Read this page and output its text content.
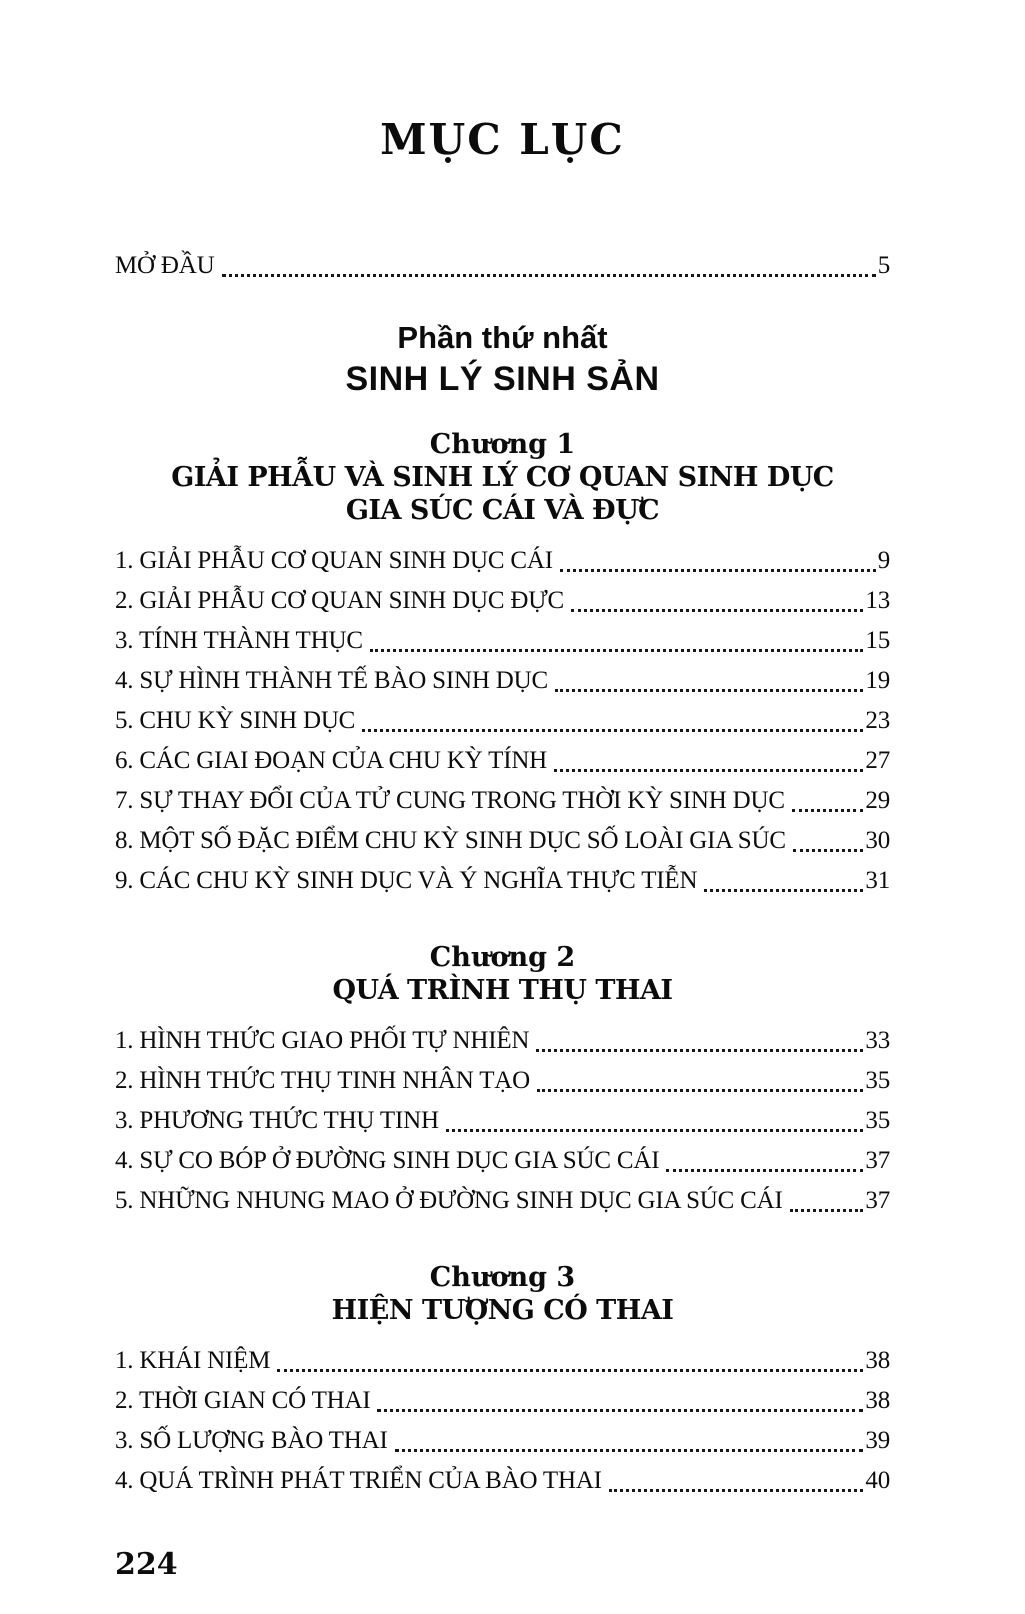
MỤC LỤC
MỞ ĐẦU	5
Phần thứ nhất
SINH LÝ SINH SẢN
Chương 1
GIẢI PHẪU VÀ SINH LÝ CƠ QUAN SINH DỤC
GIA SÚC CÁI VÀ ĐỰC
1. GIẢI PHẪU CƠ QUAN SINH DỤC CÁI	9
2. GIẢI PHẪU CƠ QUAN SINH DỤC ĐỰC	13
3. TÍNH THÀNH THỤC	15
4. SỰ HÌNH THÀNH TẾ BÀO SINH DỤC	19
5. CHU KỲ SINH DỤC	23
6. CÁC GIAI ĐOẠN CỦA CHU KỲ TÍNH	27
7. SỰ THAY ĐỔI CỦA TỬ CUNG TRONG THỜI KỲ SINH DỤC	29
8. MỘT SỐ ĐẶC ĐIỂM CHU KỲ SINH DỤC SỐ LOÀI GIA SÚC	30
9. CÁC CHU KỲ SINH DỤC VÀ Ý NGHĨA THỰC TIỄN	31
Chương 2
QUÁ TRÌNH THỤ THAI
1. HÌNH THỨC GIAO PHỐI TỰ NHIÊN	33
2. HÌNH THỨC THỤ TINH NHÂN TẠO	35
3. PHƯƠNG THỨC THỤ TINH	35
4. SỰ CO BÓP Ở ĐƯỜNG SINH DỤC GIA SÚC CÁI	37
5. NHỮNG NHUNG MAO Ở ĐƯỜNG SINH DỤC GIA SÚC CÁI	37
Chương 3
HIỆN TƯỢNG CÓ THAI
1. KHÁI NIỆM	38
2. THỜI GIAN CÓ THAI	38
3. SỐ LƯỢNG BÀO THAI	39
4. QUÁ TRÌNH PHÁT TRIỂN CỦA BÀO THAI	40
224
